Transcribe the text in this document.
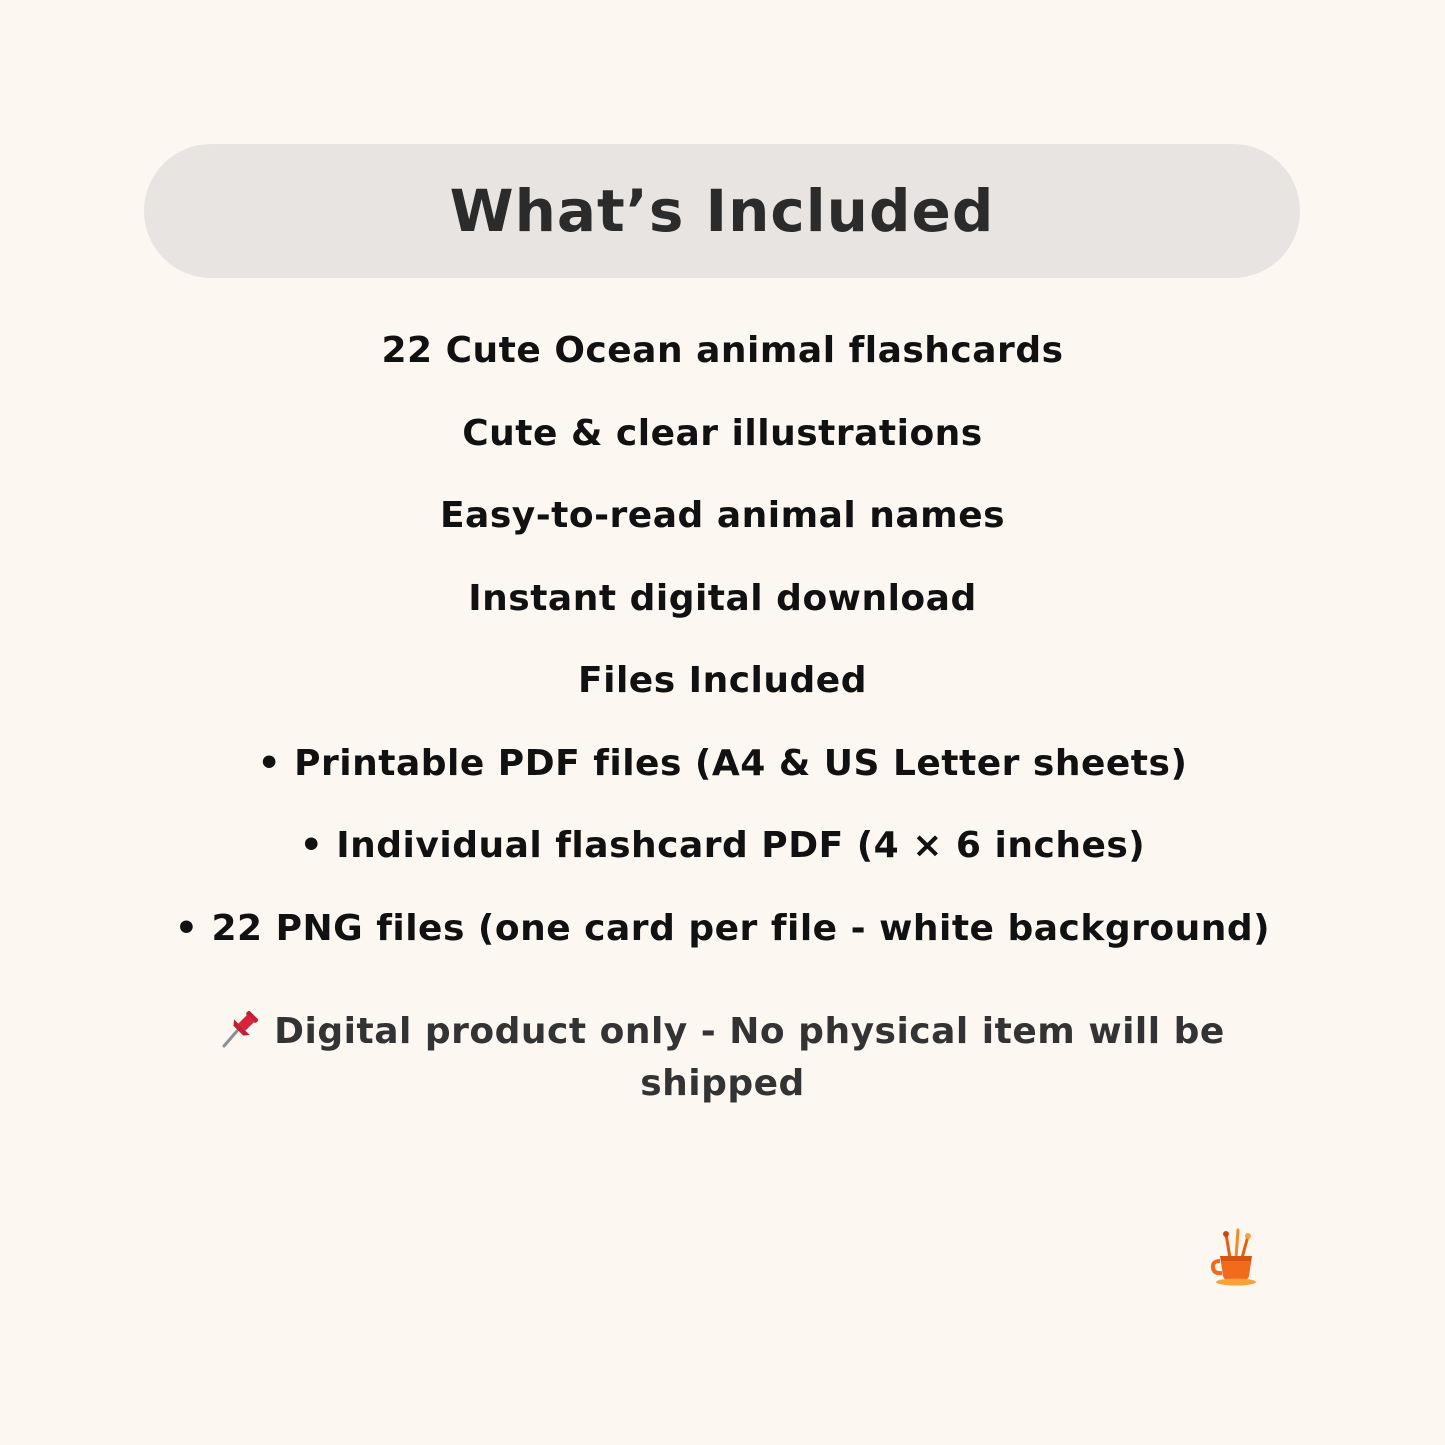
What’s Included
22 Cute Ocean animal flashcards
Cute & clear illustrations
Easy-to-read animal names
Instant digital download
Files Included
• Printable PDF files (A4 & US Letter sheets)
• Individual flashcard PDF (4 × 6 inches)
• 22 PNG files (one card per file - white background)
Digital product only - No physical item will be shipped
